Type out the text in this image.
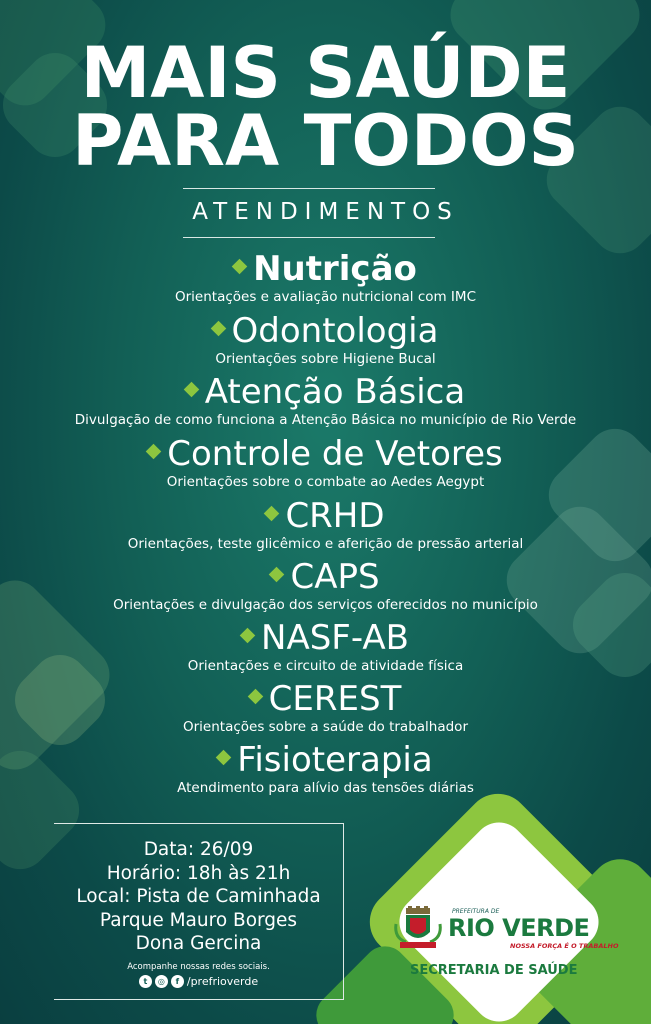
MAIS SAÚDE
PARA TODOS
ATENDIMENTOS
Nutrição
Orientações e avaliação nutricional com IMC
Odontologia
Orientações sobre Higiene Bucal
Atenção Básica
Divulgação de como funciona a Atenção Básica no município de Rio Verde
Controle de Vetores
Orientações sobre o combate ao Aedes Aegypt
CRHD
Orientações, teste glicêmico e aferição de pressão arterial
CAPS
Orientações e divulgação dos serviços oferecidos no município
NASF-AB
Orientações e circuito de atividade física
CEREST
Orientações sobre a saúde do trabalhador
Fisioterapia
Atendimento para alívio das tensões diárias
Data: 26/09
Horário: 18h às 21h
Local: Pista de Caminhada
Parque Mauro Borges
Dona Gercina
Acompanhe nossas redes sociais.
t	◎	f /prefrioverde
PREFEITURA DE
RIO VERDE
NOSSA FORÇA É O TRABALHO
SECRETARIA DE SAÚDE
